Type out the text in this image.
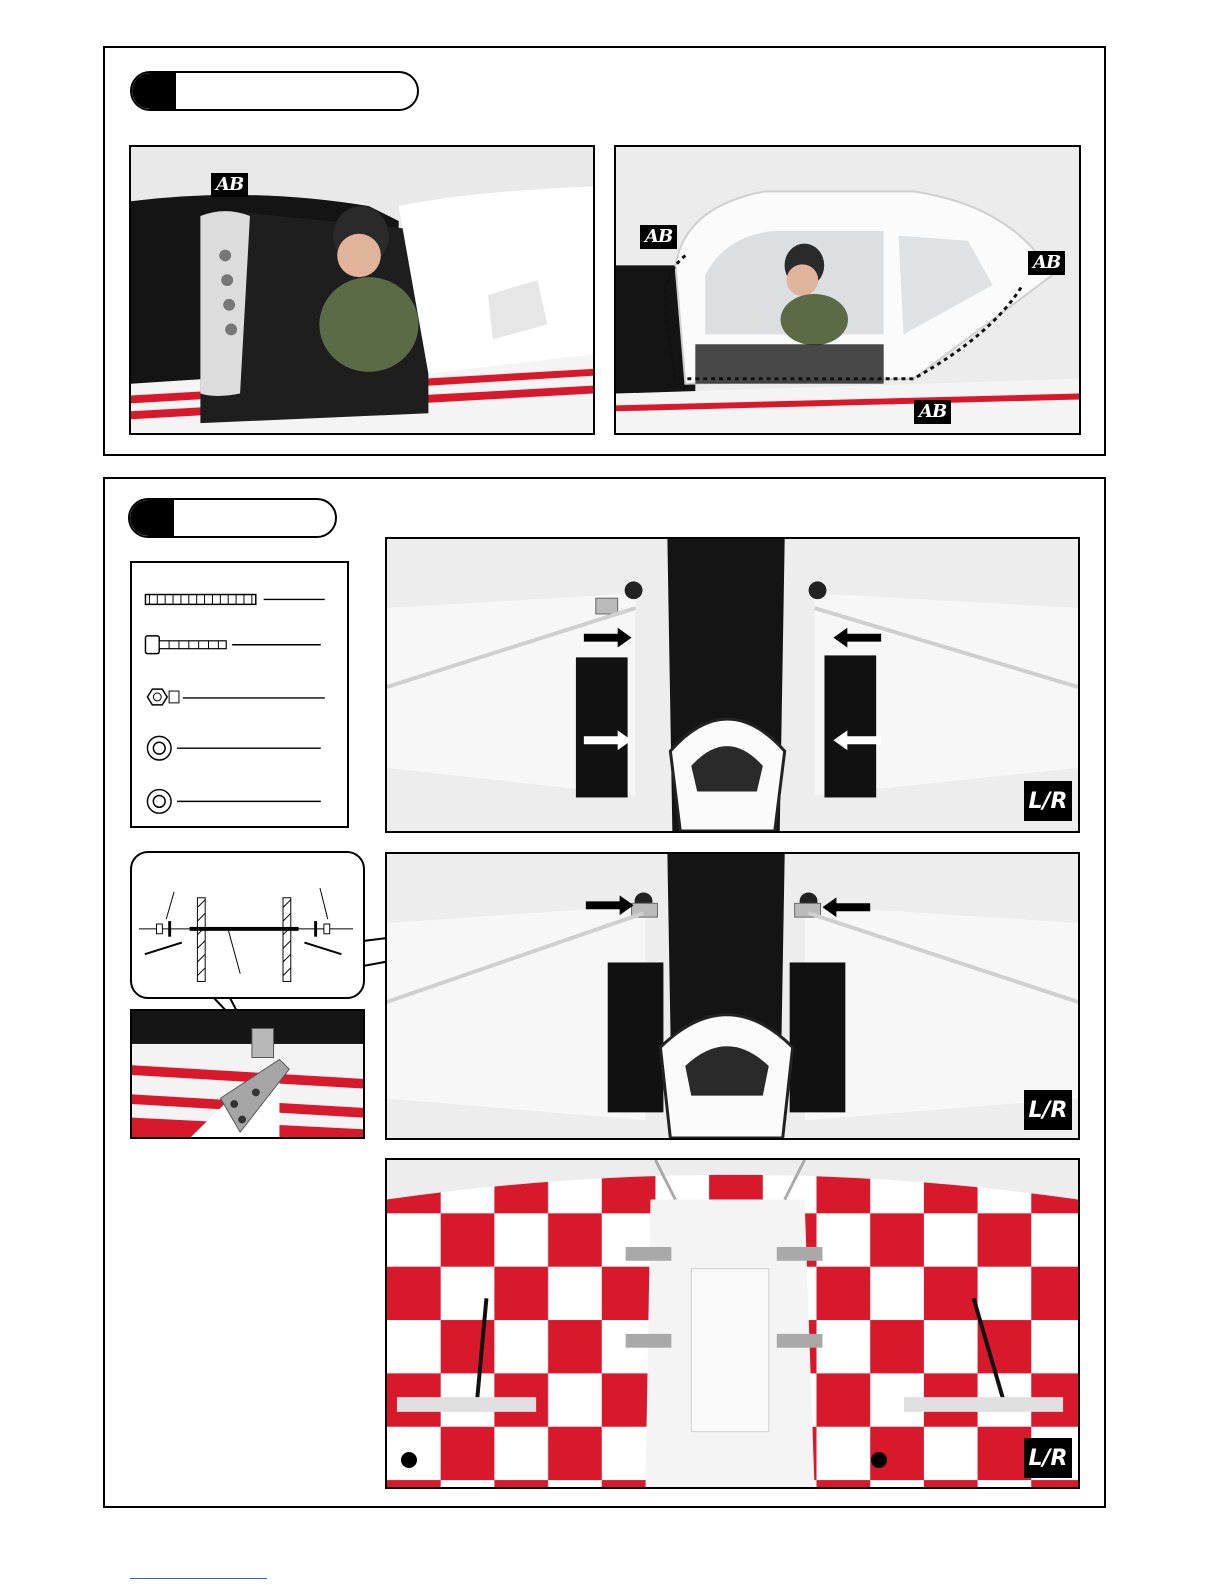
AB
AB
AB
AB
L/R
L/R
L/R
